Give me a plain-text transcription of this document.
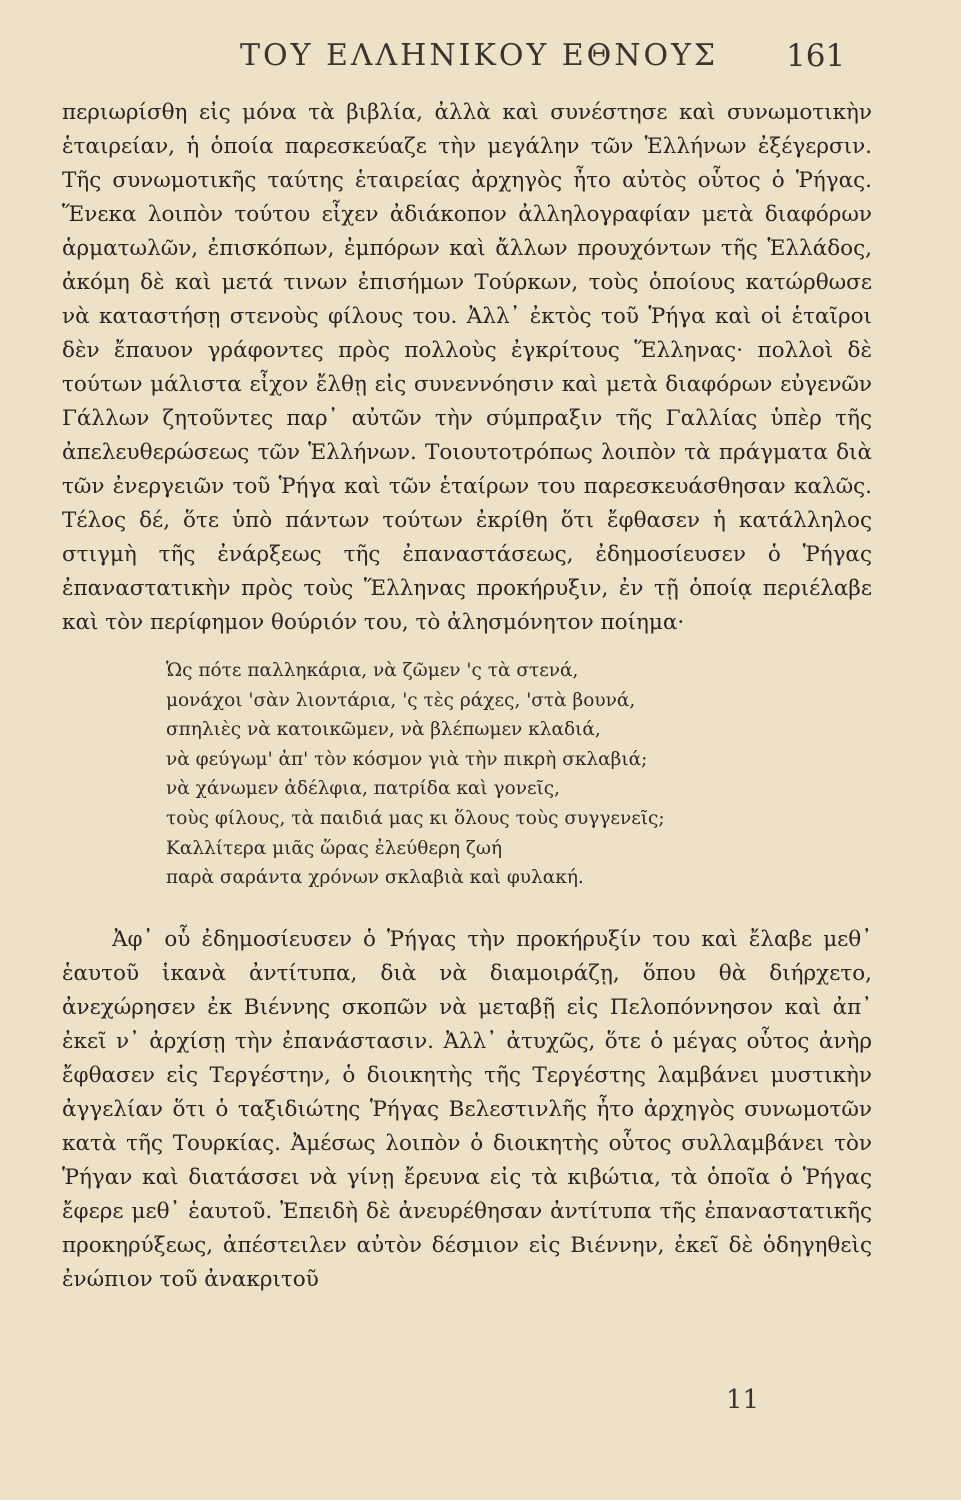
ΤΟΥ ΕΛΛΗΝΙΚΟΥ ΕΘΝΟΥΣ 161

περιωρίσθη εἰς μόνα τὰ βιβλία, ἀλλὰ καὶ συνέστησε καὶ συνωμοτικὴν ἑταιρείαν, ἡ ὁποία παρεσκεύαζε τὴν μεγάλην τῶν Ἑλλήνων ἐξέγερσιν. Τῆς συνωμοτικῆς ταύτης ἑταιρείας ἀρχηγὸς ἦτο αὐτὸς οὗτος ὁ Ῥήγας. Ἕνεκα λοιπὸν τούτου εἶχεν ἀδιάκοπον ἀλληλογραφίαν μετὰ διαφόρων ἁρματωλῶν, ἐπισκόπων, ἐμπόρων καὶ ἄλλων προυχόντων τῆς Ἑλλάδος, ἀκόμη δὲ καὶ μετά τινων ἐπισήμων Τούρκων, τοὺς ὁποίους κατώρθωσε νὰ καταστήσῃ στενοὺς φίλους του. Ἀλλ᾽ ἐκτὸς τοῦ Ῥήγα καὶ οἱ ἑταῖροι δὲν ἔπαυον γράφοντες πρὸς πολλοὺς ἐγκρίτους Ἕλληνας· πολλοὶ δὲ τούτων μάλιστα εἶχον ἔλθῃ εἰς συνεννόησιν καὶ μετὰ διαφόρων εὐγενῶν Γάλλων ζητοῦντες παρ᾽ αὐτῶν τὴν σύμπραξιν τῆς Γαλλίας ὑπὲρ τῆς ἀπελευθερώσεως τῶν Ἑλλήνων. Τοιουτοτρόπως λοιπὸν τὰ πράγματα διὰ τῶν ἐνεργειῶν τοῦ Ῥήγα καὶ τῶν ἑταίρων του παρεσκευάσθησαν καλῶς. Τέλος δέ, ὅτε ὑπὸ πάντων τούτων ἐκρίθη ὅτι ἔφθασεν ἡ κατάλληλος στιγμὴ τῆς ἐνάρξεως τῆς ἐπαναστάσεως, ἐδημοσίευσεν ὁ Ῥήγας ἐπαναστατικὴν πρὸς τοὺς Ἕλληνας προκήρυξιν, ἐν τῇ ὁποίᾳ περιέλαβε καὶ τὸν περίφημον θούριόν του, τὸ ἀλησμόνητον ποίημα·

Ὡς πότε παλληκάρια, νὰ ζῶμεν 'ς τὰ στενά,
μονάχοι 'σὰν λιοντάρια, 'ς τὲς ράχες, 'στὰ βουνά,
σπηλιὲς νὰ κατοικῶμεν, νὰ βλέπωμεν κλαδιά,
νὰ φεύγωμ' ἀπ' τὸν κόσμον γιὰ τὴν πικρὴ σκλαβιά;
νὰ χάνωμεν ἀδέλφια, πατρίδα καὶ γονεῖς,
τοὺς φίλους, τὰ παιδιά μας κι ὅλους τοὺς συγγενεῖς;
Καλλίτερα μιᾶς ὥρας ἐλεύθερη ζωή
παρὰ σαράντα χρόνων σκλαβιὰ καὶ φυλακή.

Ἀφ᾽ οὗ ἐδημοσίευσεν ὁ Ῥήγας τὴν προκήρυξίν του καὶ ἔλαβε μεθ᾽ ἑαυτοῦ ἱκανὰ ἀντίτυπα, διὰ νὰ διαμοιράζῃ, ὅπου θὰ διήρχετο, ἀνεχώρησεν ἐκ Βιέννης σκοπῶν νὰ μεταβῇ εἰς Πελοπόννησον καὶ ἀπ᾽ ἐκεῖ ν᾽ ἀρχίσῃ τὴν ἐπανάστασιν. Ἀλλ᾽ ἀτυχῶς, ὅτε ὁ μέγας οὗτος ἀνὴρ ἔφθασεν εἰς Τεργέστην, ὁ διοικητὴς τῆς Τεργέστης λαμβάνει μυστικὴν ἀγγελίαν ὅτι ὁ ταξιδιώτης Ῥήγας Βελεστινλῆς ἦτο ἀρχηγὸς συνωμοτῶν κατὰ τῆς Τουρκίας. Ἀμέσως λοιπὸν ὁ διοικητὴς οὗτος συλλαμβάνει τὸν Ῥήγαν καὶ διατάσσει νὰ γίνῃ ἔρευνα εἰς τὰ κιβώτια, τὰ ὁποῖα ὁ Ῥήγας ἔφερε μεθ᾽ ἑαυτοῦ. Ἐπειδὴ δὲ ἀνευρέθησαν ἀντίτυπα τῆς ἐπαναστατικῆς προκηρύξεως, ἀπέστειλεν αὐτὸν δέσμιον εἰς Βιέννην, ἐκεῖ δὲ ὁδηγηθεὶς ἐνώπιον τοῦ ἀνακριτοῦ

11
